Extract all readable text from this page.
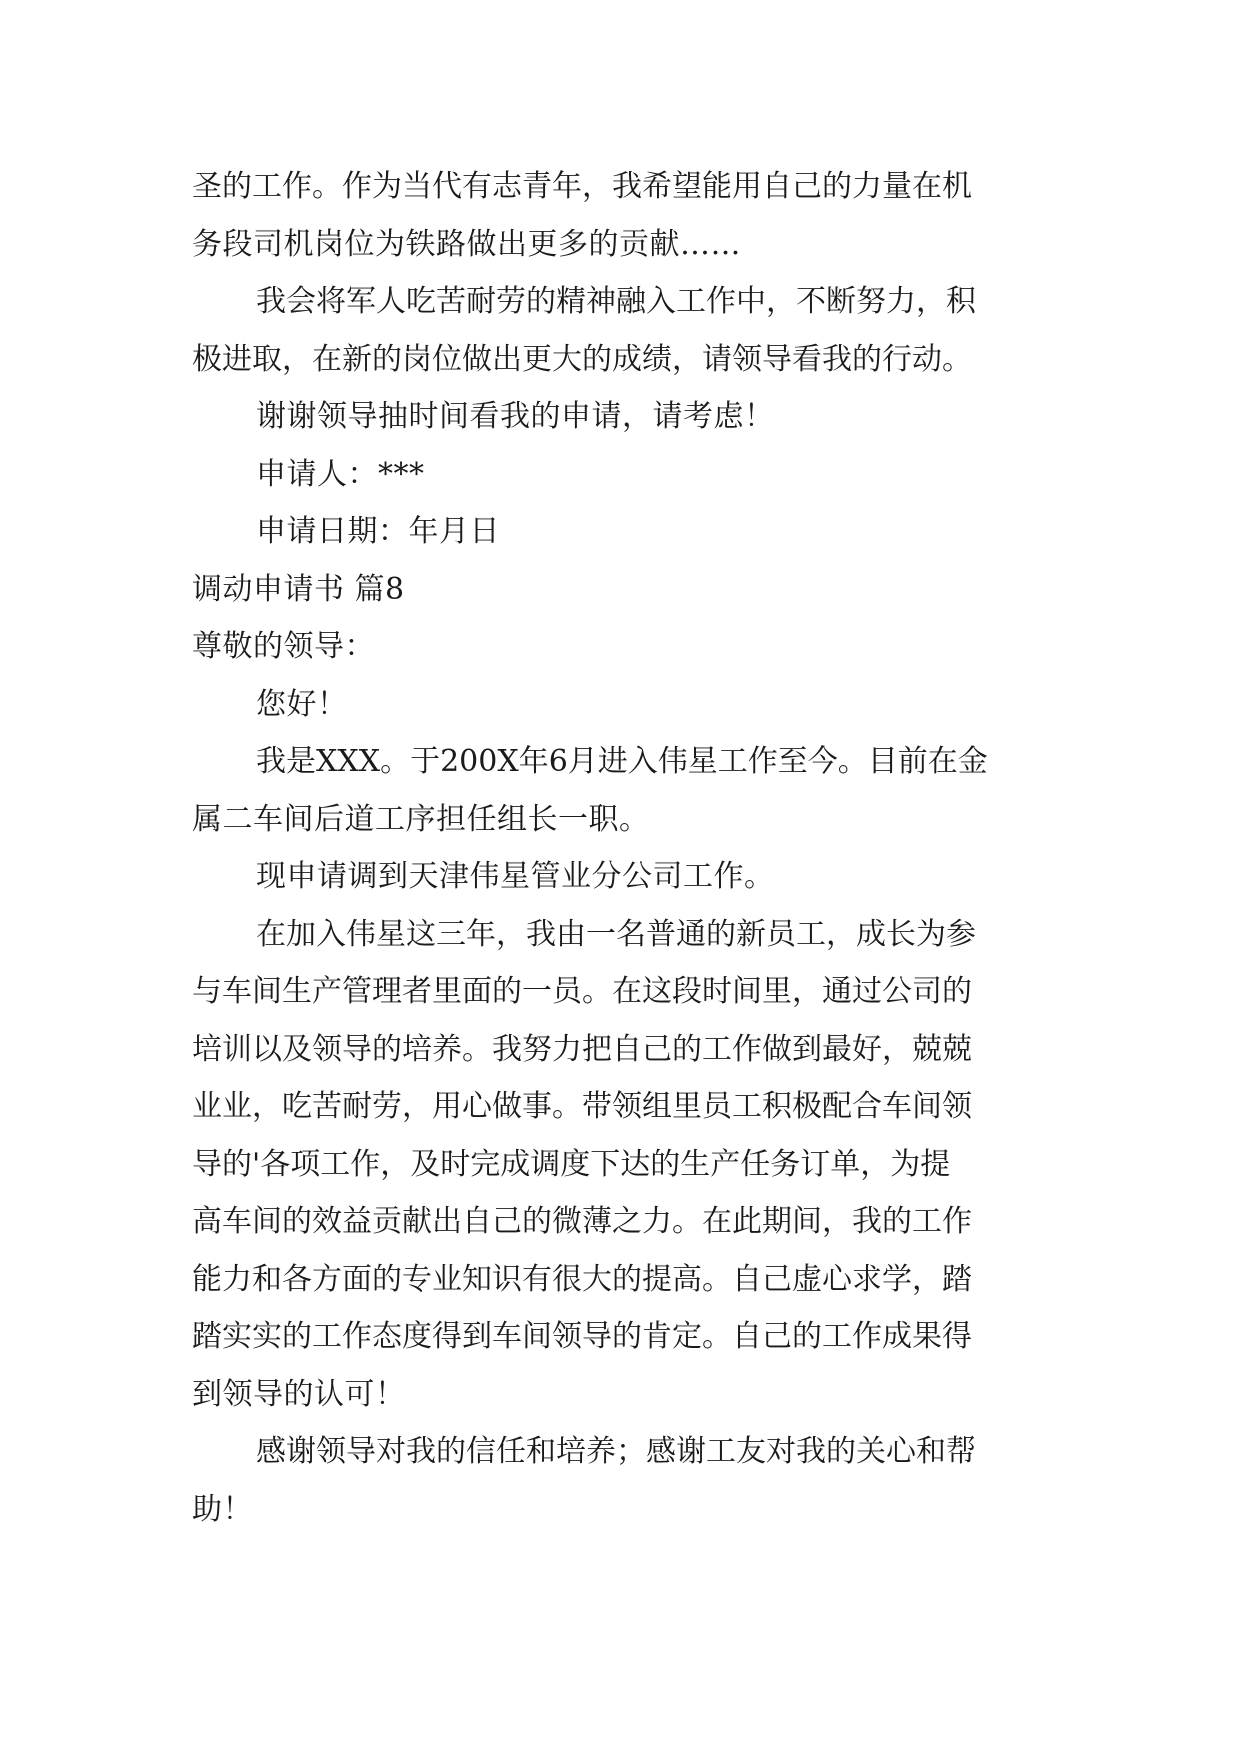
圣的工作。作为当代有志青年，我希望能用自己的力量在机
务段司机岗位为铁路做出更多的贡献……
我会将军人吃苦耐劳的精神融入工作中，不断努力，积
极进取，在新的岗位做出更大的成绩，请领导看我的行动。
谢谢领导抽时间看我的申请，请考虑！
申请人：***
申请日期：年月日
调动申请书 篇8
尊敬的领导：
您好！
我是XXX。于200X年6月进入伟星工作至今。目前在金
属二车间后道工序担任组长一职。
现申请调到天津伟星管业分公司工作。
在加入伟星这三年，我由一名普通的新员工，成长为参
与车间生产管理者里面的一员。在这段时间里，通过公司的
培训以及领导的培养。我努力把自己的工作做到最好，兢兢
业业，吃苦耐劳，用心做事。带领组里员工积极配合车间领
导的'各项工作，及时完成调度下达的生产任务订单，为提
高车间的效益贡献出自己的微薄之力。在此期间，我的工作
能力和各方面的专业知识有很大的提高。自己虚心求学，踏
踏实实的工作态度得到车间领导的肯定。自己的工作成果得
到领导的认可！
感谢领导对我的信任和培养；感谢工友对我的关心和帮
助！
